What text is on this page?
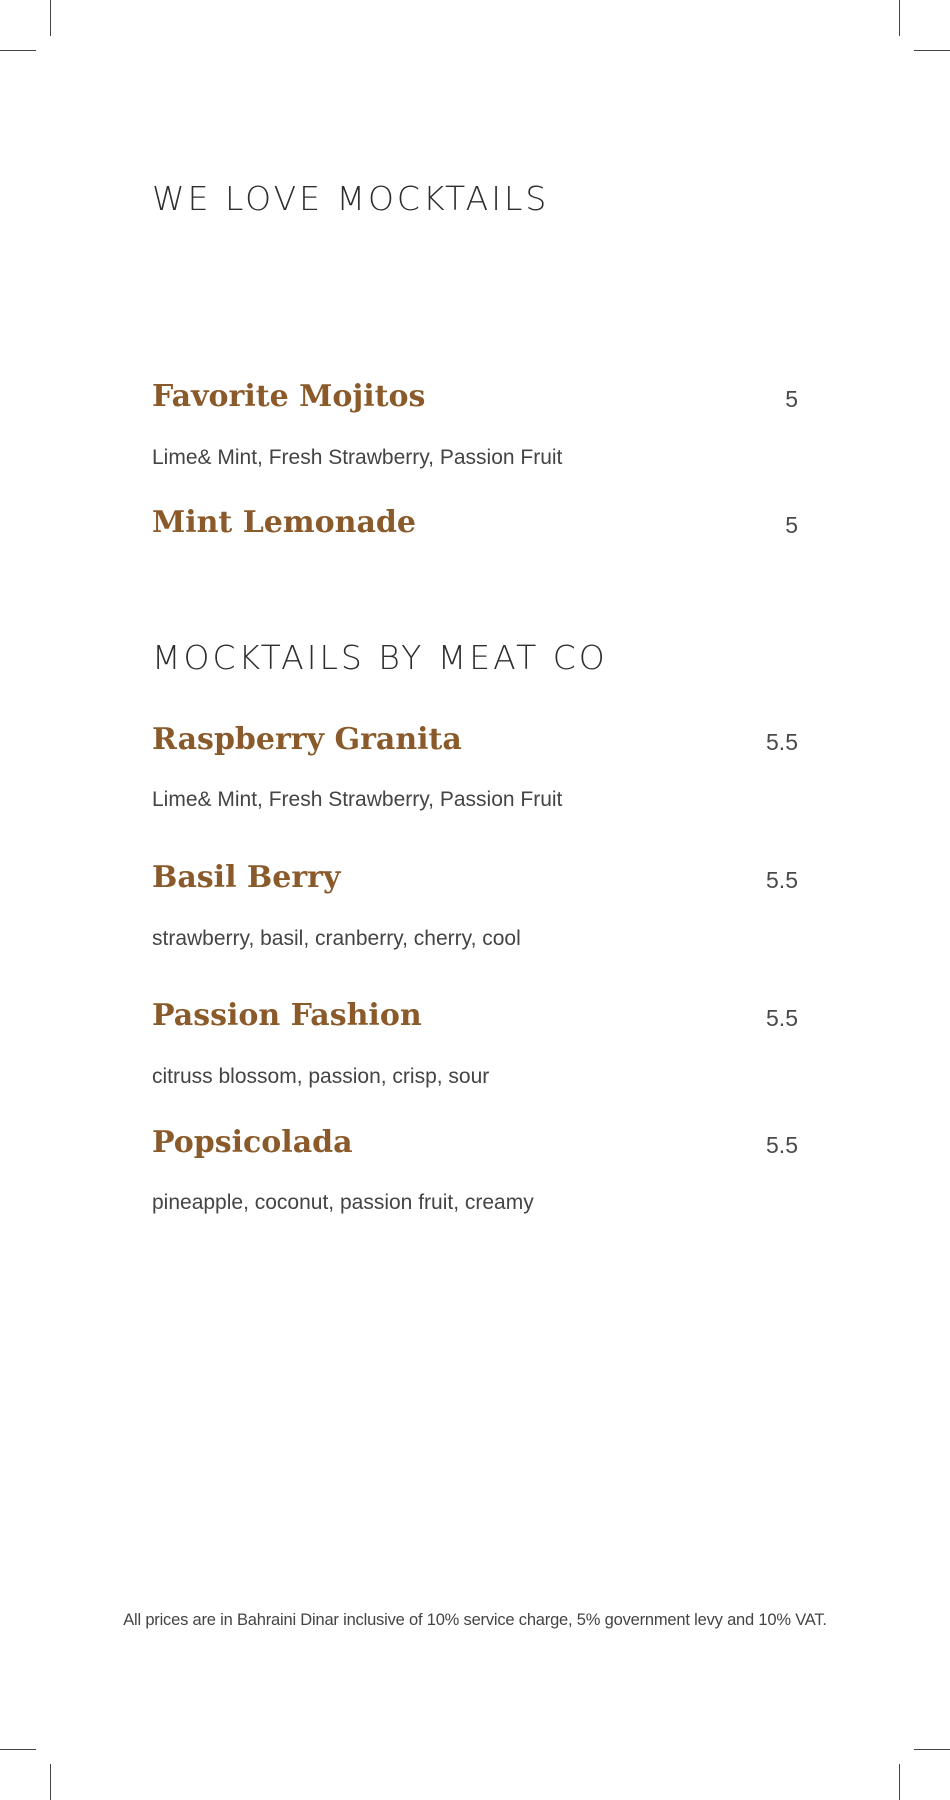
WE LOVE MOCKTAILS
Favorite Mojitos	5

Lime& Mint, Fresh Strawberry, Passion Fruit

Mint Lemonade	5
MOCKTAILS BY MEAT CO
Raspberry Granita	5.5

Lime& Mint, Fresh Strawberry, Passion Fruit

Basil Berry	5.5

strawberry, basil, cranberry, cherry, cool

Passion Fashion	5.5

citruss blossom, passion, crisp, sour

Popsicolada	5.5

pineapple, coconut, passion fruit, creamy

All prices are in Bahraini Dinar inclusive of 10% service charge, 5% government levy and 10% VAT.
